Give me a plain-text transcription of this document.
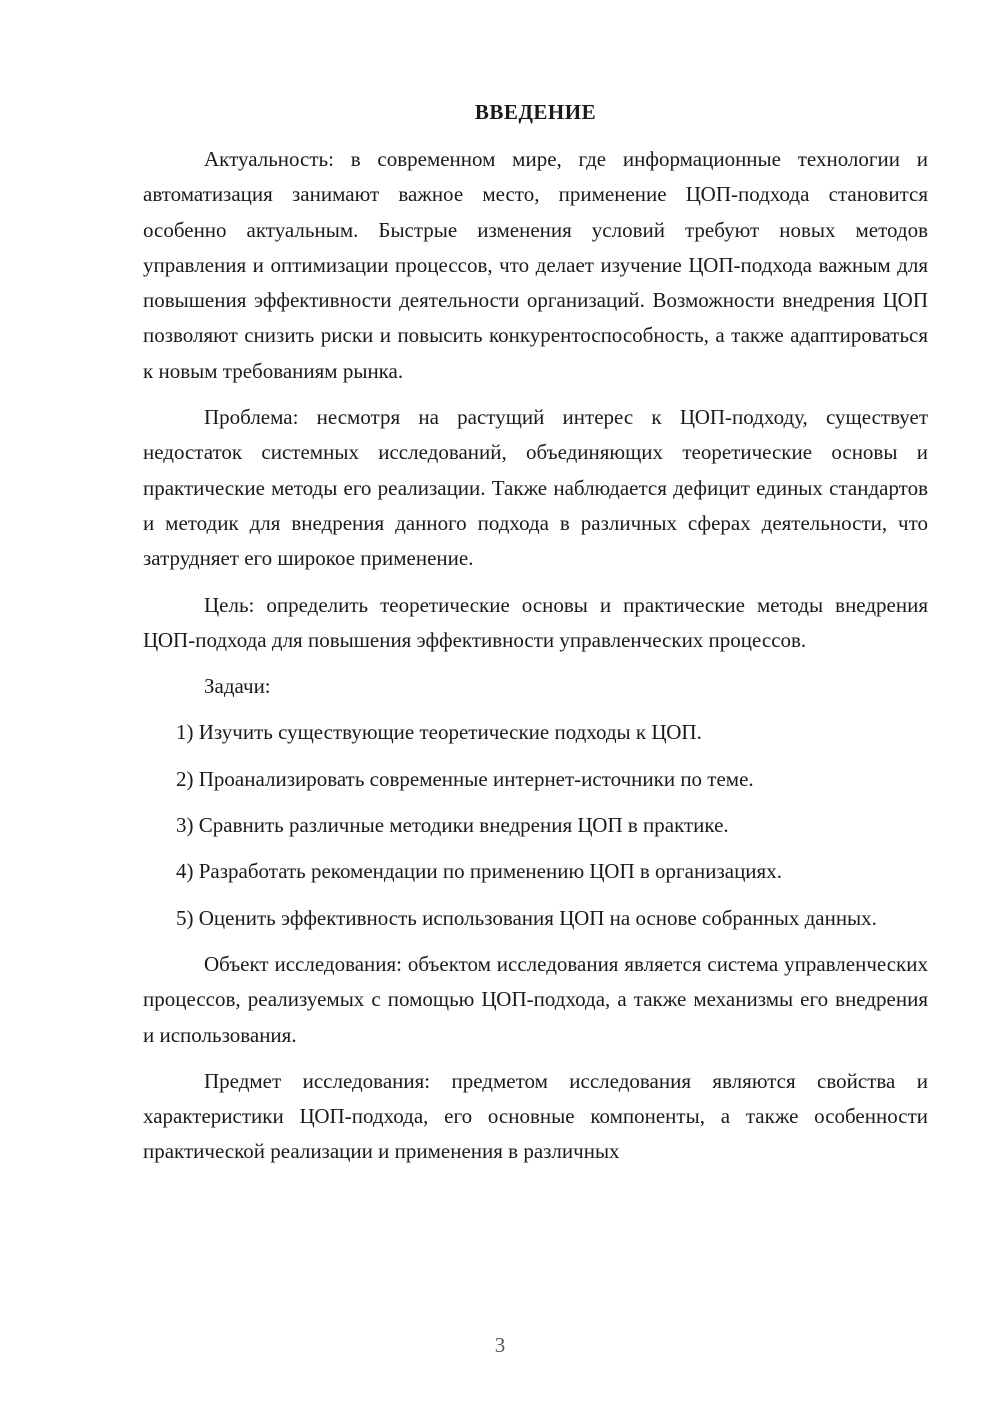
ВВЕДЕНИЕ

Актуальность: в современном мире, где информационные технологии и автоматизация занимают важное место, применение ЦОП-подхода становится особенно актуальным. Быстрые изменения условий требуют новых методов управления и оптимизации процессов, что делает изучение ЦОП-подхода важным для повышения эффективности деятельности организаций. Возможности внедрения ЦОП позволяют снизить риски и повысить конкурентоспособность, а также адаптироваться к новым требованиям рынка.

Проблема: несмотря на растущий интерес к ЦОП-подходу, существует недостаток системных исследований, объединяющих теоретические основы и практические методы его реализации. Также наблюдается дефицит единых стандартов и методик для внедрения данного подхода в различных сферах деятельности, что затрудняет его широкое применение.

Цель: определить теоретические основы и практические методы внедрения ЦОП-подхода для повышения эффективности управленческих процессов.

Задачи:

1) Изучить существующие теоретические подходы к ЦОП.

2) Проанализировать современные интернет-источники по теме.

3) Сравнить различные методики внедрения ЦОП в практике.

4) Разработать рекомендации по применению ЦОП в организациях.

5) Оценить эффективность использования ЦОП на основе собранных данных.

Объект исследования: объектом исследования является система управленческих процессов, реализуемых с помощью ЦОП-подхода, а также механизмы его внедрения и использования.

Предмет исследования: предметом исследования являются свойства и характеристики ЦОП-подхода, его основные компоненты, а также особенности практической реализации и применения в различных

3
